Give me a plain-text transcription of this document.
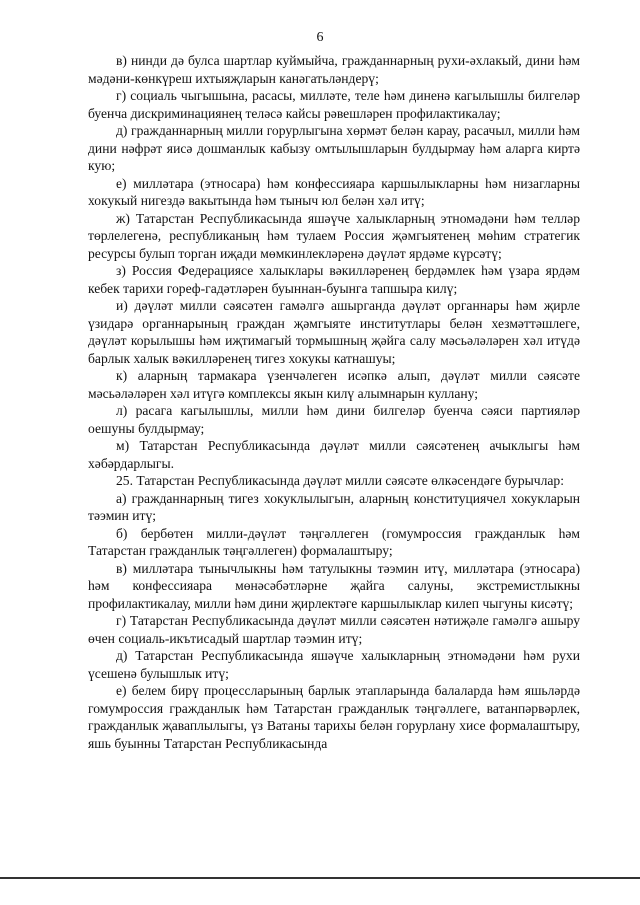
6

в) нинди дә булса шартлар куймыйча, гражданнарның рухи-әхлакый, дини һәм мәдәни-көнкүреш ихтыяҗларын канәгатьләндерү;

г) социаль чыгышына, расасы, милләте, теле һәм диненә кагылышлы билгеләр буенча дискриминациянең теләсә кайсы рәвешләрен профилактикалау;

д) гражданнарның милли горурлыгына хөрмәт белән карау, расачыл, милли һәм дини нәфрәт яисә дошманлык кабызу омтылышларын булдырмау һәм аларга киртә кую;

е) милләтара (этносара) һәм конфессияара каршылыкларны һәм низагларны хокукый нигездә вакытында һәм тыныч юл белән хәл итү;

ж) Татарстан Республикасында яшәүче халыкларның этномәдәни һәм телләр төрлелегенә, республиканың һәм тулаем Россия җәмгыятенең мөһим стратегик ресурсы булып торган иҗади мөмкинлекләренә дәүләт ярдәме күрсәтү;

з) Россия Федерациясе халыклары вәкилләренең бердәмлек һәм үзара ярдәм кебек тарихи гореф-гадәтләрен буыннан-буынга тапшыра килү;

и) дәүләт милли сәясәтен гамәлгә ашырганда дәүләт органнары һәм җирле үзидарә органнарының граждан җәмгыяте институтлары белән хезмәттәшлеге, дәүләт корылышы һәм иҗтимагый тормышның җәйга салу мәсьәләләрен хәл итүдә барлык халык вәкилләренең тигез хокукы катнашуы;

к) аларның тармакара үзенчәлеген исәпкә алып, дәүләт милли сәясәте мәсьәләләрен хәл итүгә комплексы якын килү алымнарын куллану;

л) расага кагылышлы, милли һәм дини билгеләр буенча сәяси партияләр оешуны булдырмау;

м) Татарстан Республикасында дәүләт милли сәясәтенең ачыклыгы һәм хәбәрдарлыгы.

25. Татарстан Республикасында дәүләт милли сәясәте өлкәсендәге бурычлар:

а) гражданнарның тигез хокуклылыгын, аларның конституциячел хокукларын тәэмин итү;

б) бербөтен милли-дәүләт тәңгәллеген (гомумроссия гражданлык һәм Татарстан гражданлык тәңгәллеген) формалаштыру;

в) милләтара тынычлыкны һәм татулыкны тәэмин итү, милләтара (этносара) һәм конфессияара мөнәсәбәтләрне җайга салуны, экстремистлыкны профилактикалау, милли һәм дини җирлектәге каршылыклар килеп чыгуны кисәтү;

г) Татарстан Республикасында дәүләт милли сәясәтен нәтиҗәле гамәлгә ашыру өчен социаль-икътисадый шартлар тәэмин итү;

д) Татарстан Республикасында яшәүче халыкларның этномәдәни һәм рухи үсешенә булышлык итү;

е) белем бирү процессларының барлык этапларында балаларда һәм яшьләрдә гомумроссия гражданлык һәм Татарстан гражданлык тәңгәллеге, ватанпәрвәрлек, гражданлык җаваплылыгы, үз Ватаны тарихы белән горурлану хисе формалаштыру, яшь буынны Татарстан Республикасында
